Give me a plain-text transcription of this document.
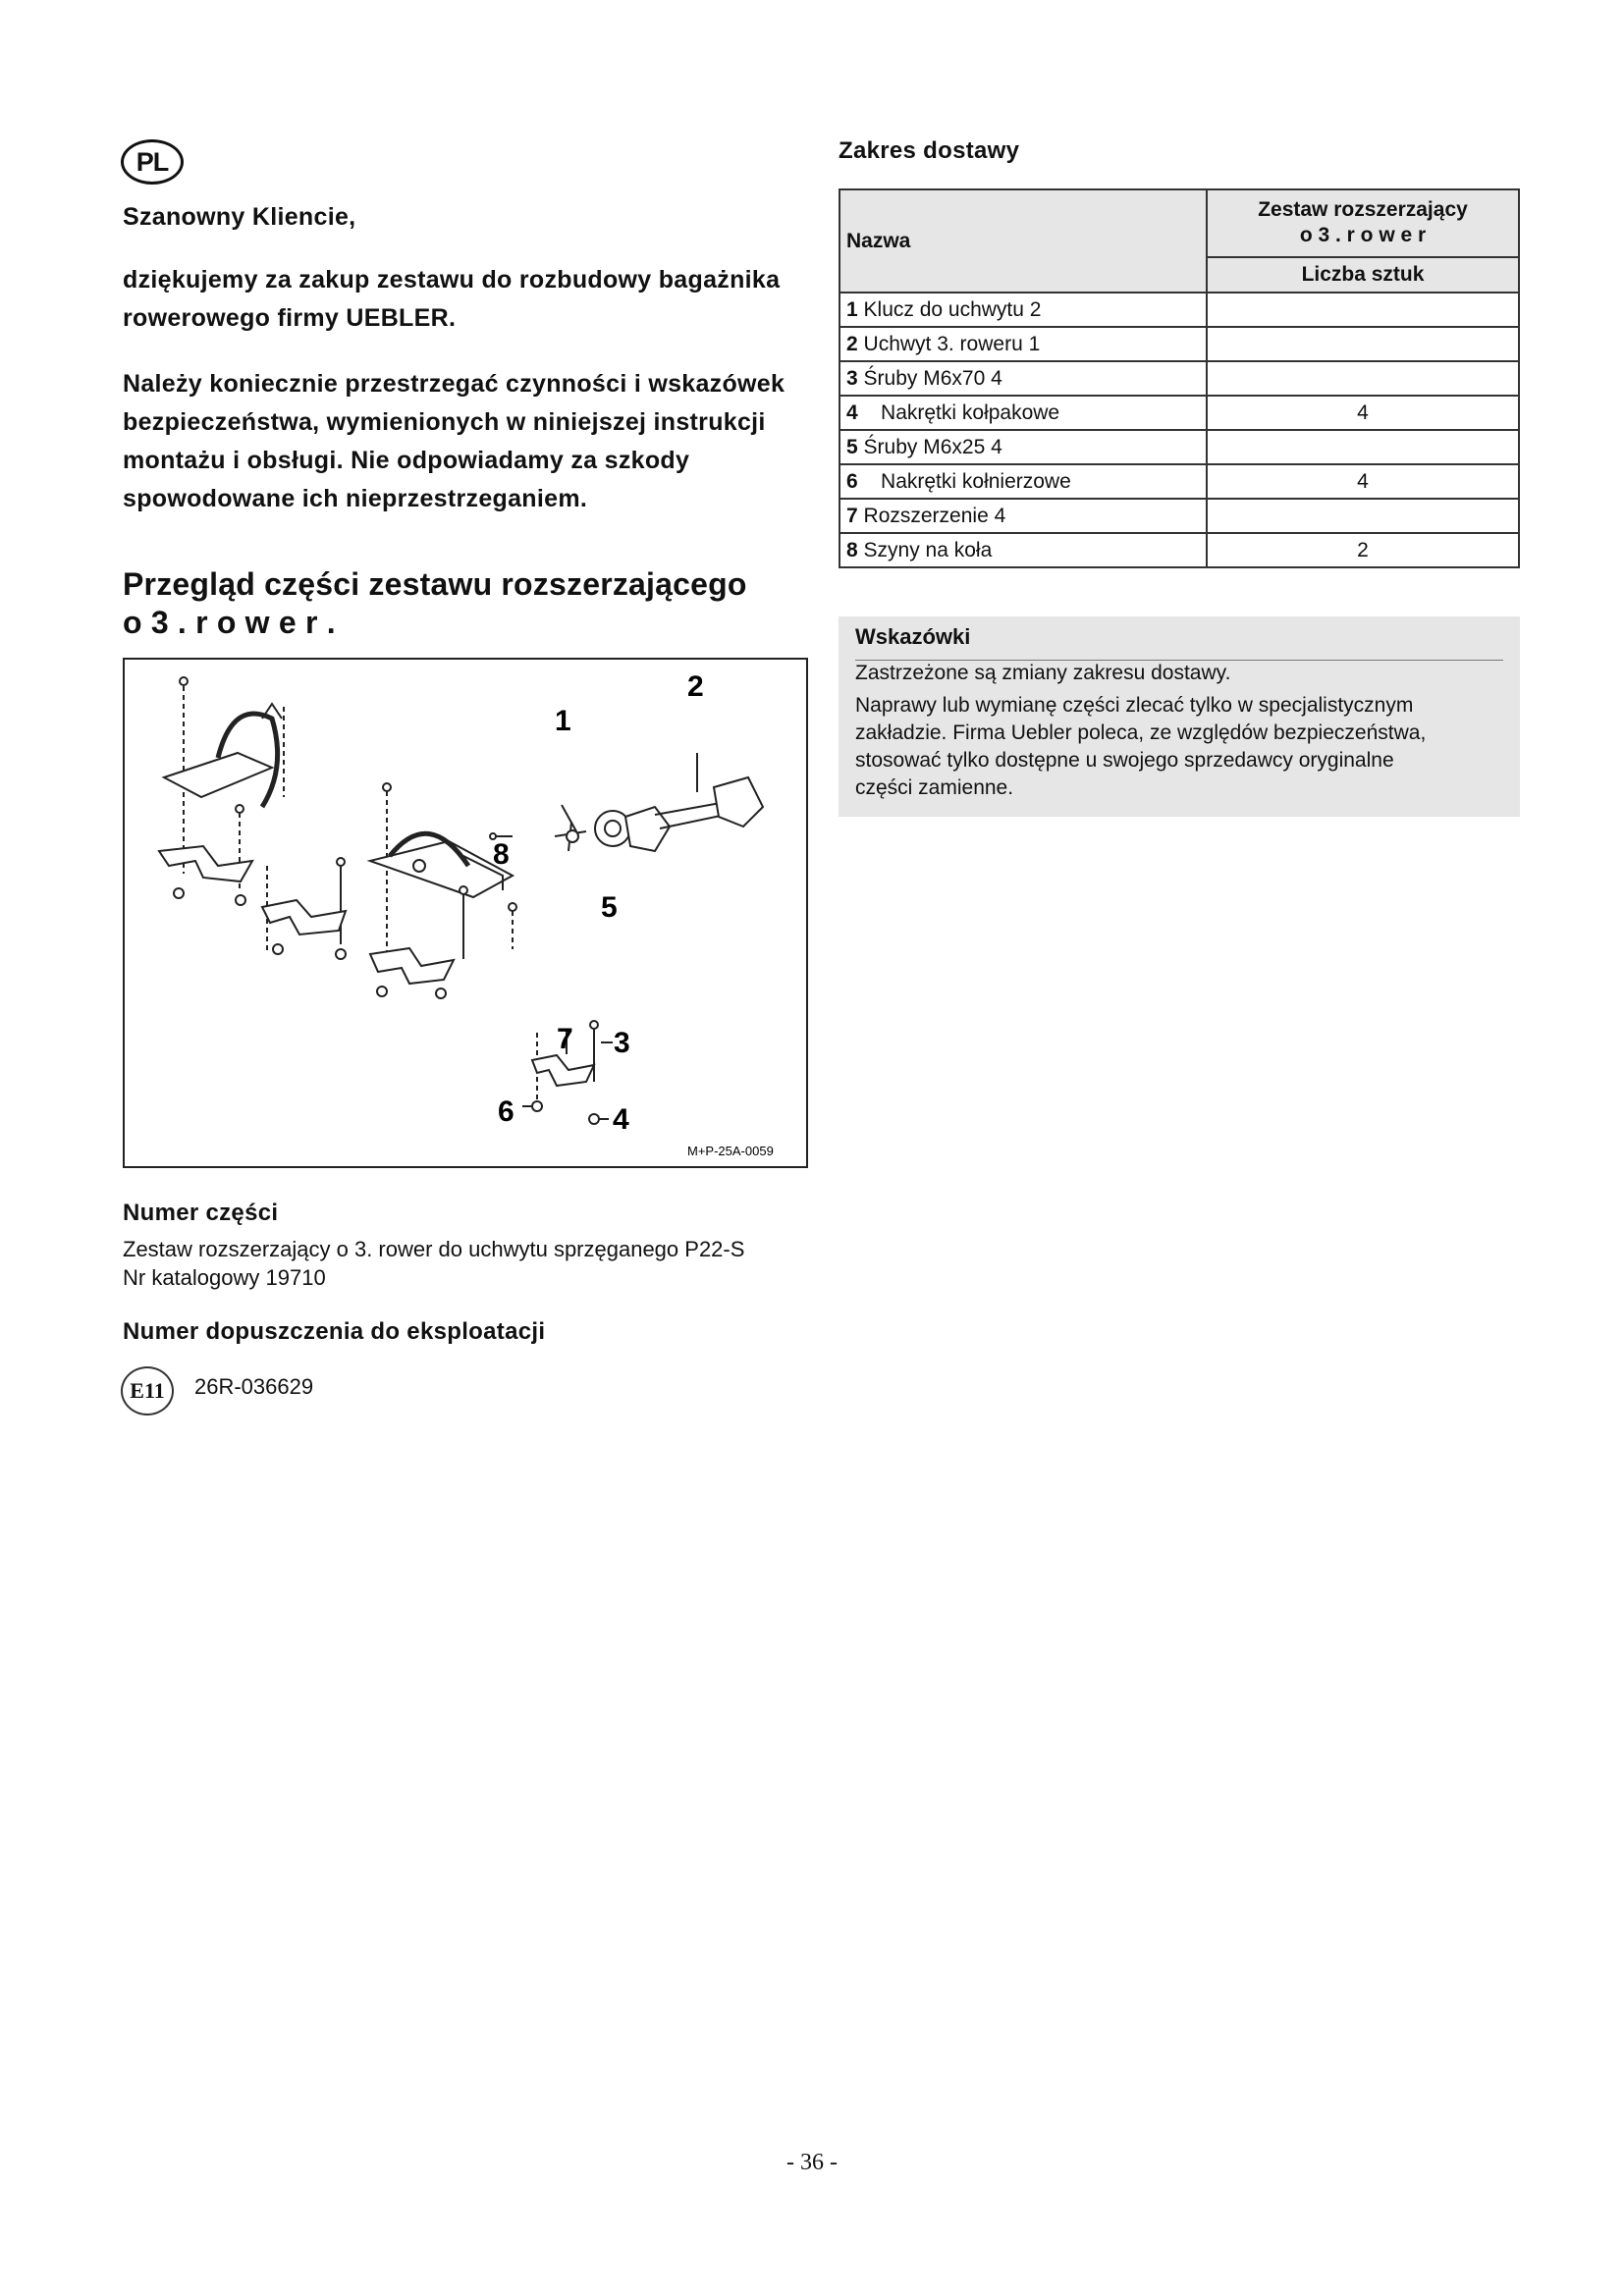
PL
Szanowny Kliencie,
dziękujemy za zakup zestawu do rozbudowy bagażnika
rowerowego firmy UEBLER.
Należy koniecznie przestrzegać czynności i wskazówek
bezpieczeństwa, wymienionych w niniejszej instrukcji
montażu i obsługi. Nie odpowiadamy za szkody
spowodowane ich nieprzestrzeganiem.
Przegląd części zestawu rozszerzającego
o 3 . r o w e r .
1
2
3
4
5
6
7
8
M+P-25A-0059
Numer części
Zestaw rozszerzający o 3. rower do uchwytu sprzęganego P22-S
Nr katalogowy 19710
Numer dopuszczenia do eksploatacji
E11	26R-036629
Zakres dostawy
Nazwa	Zestaw rozszerzający
o 3 . r o w e r

	Liczba sztuk
1 Klucz do uchwytu 2	
2 Uchwyt 3. roweru 1	
3 Śruby M6x70 4	
4    Nakrętki kołpakowe	4
5 Śruby M6x25 4	
6    Nakrętki kołnierzowe	4
7 Rozszerzenie 4	
8 Szyny na koła	2
Wskazówki
Zastrzeżone są zmiany zakresu dostawy.
Naprawy lub wymianę części zlecać tylko w specjalistycznym
zakładzie. Firma Uebler poleca, ze względów bezpieczeństwa,
stosować tylko dostępne u swojego sprzedawcy oryginalne
części zamienne.
- 36 -
